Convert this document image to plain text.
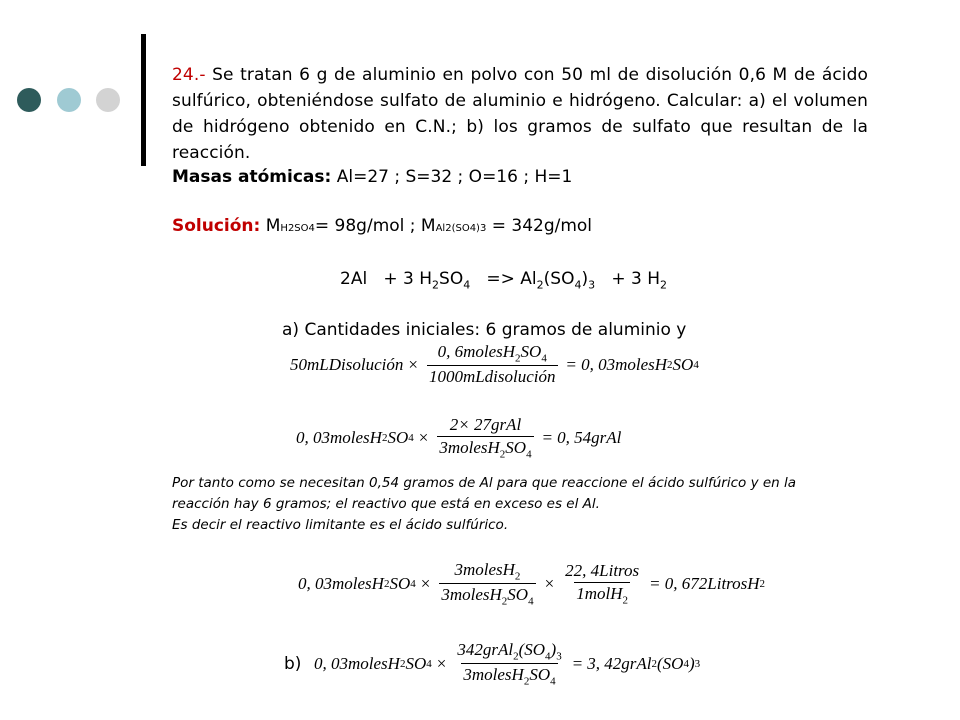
24.- Se tratan 6 g de aluminio en polvo con 50 ml de disolución 0,6 M de ácido sulfúrico, obteniéndose sulfato de aluminio e hidrógeno. Calcular: a) el volumen de hidrógeno obtenido en C.N.; b) los gramos de sulfato que resultan de la reacción.
Masas atómicas: Al=27 ; S=32 ; O=16 ; H=1
Solución: MH2SO4= 98g/mol ; MAl2(SO4)3 = 342g/mol
2Al   + 3 $H_2SO_4 => Al_2(SO_4)_3 + 3$ $H_2$
a) Cantidades iniciales: 6 gramos de aluminio y
50mLDisolución × $\frac{0, 6molesH_2SO_4}{\text{1000mLdisolución}} = 0$, 03molesH 2 SO 4
0, 03molesH 2 SO $4 \times \frac{\text{2× 27grAl}}{3molesH_2SO_4} = 0$, 54grAl
Por tanto como se necesitan 0,54 gramos de Al para que reaccione el ácido sulfúrico y en la
reacción hay 6 gramos; el reactivo que está en exceso es el Al.
Es decir el reactivo limitante es el ácido sulfúrico.
0, 03molesH 2 SO $4 \times \frac{3molesH_2}{3molesH_2SO_4} \times \frac{\text{22, 4Litros}}{1molH_2} = 0$, 672LitrosH 2
b) 0, 03molesH 2 SO $4 \times \frac{342grAl_2(SO_4)_3}{3molesH_2SO_4} = 3$, 42grAl 2 (SO 4 ) 3
